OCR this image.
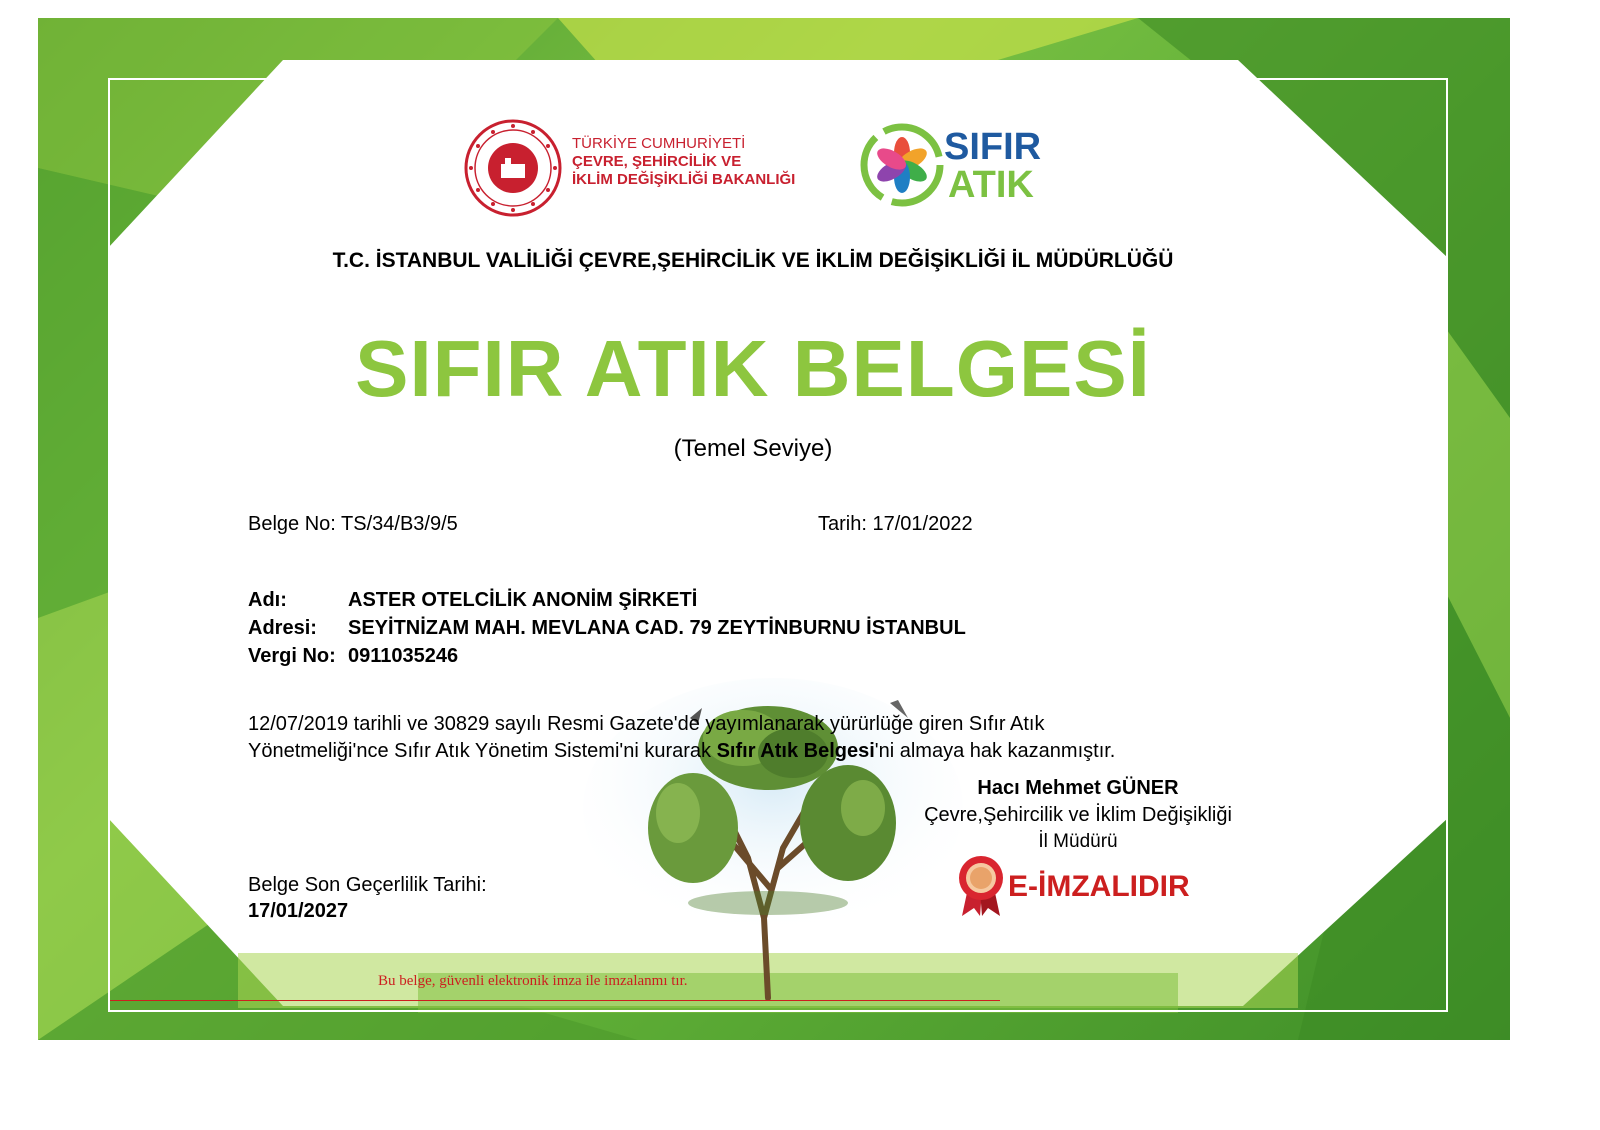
TÜRKİYE CUMHURİYETİ
ÇEVRE, ŞEHİRCİLİK VE
İKLİM DEĞİŞİKLİĞİ BAKANLIĞI
SIFIR
ATIK
T.C. İSTANBUL VALİLİĞİ ÇEVRE,ŞEHİRCİLİK VE İKLİM DEĞİŞİKLİĞİ İL MÜDÜRLÜĞÜ
SIFIR ATIK BELGESİ
(Temel Seviye)
Belge No: TS/34/B3/9/5	Tarih: 17/01/2022
Adı:	ASTER OTELCİLİK ANONİM ŞİRKETİ
Adresi: SEYİTNİZAM MAH. MEVLANA CAD. 79 ZEYTİNBURNU İSTANBUL
Vergi No: 0911035246
12/07/2019 tarihli ve 30829 sayılı Resmi Gazete'de yayımlanarak yürürlüğe giren Sıfır Atık
Yönetmeliği'nce Sıfır Atık Yönetim Sistemi'ni kurarak Sıfır Atık Belgesi'ni almaya hak kazanmıştır.
Hacı Mehmet GÜNER
Çevre,Şehircilik ve İklim Değişikliği
İl Müdürü
E-İMZALIDIR
Belge Son Geçerlilik Tarihi:
17/01/2027
Bu belge, güvenli elektronik imza ile imzalanmı tır.
